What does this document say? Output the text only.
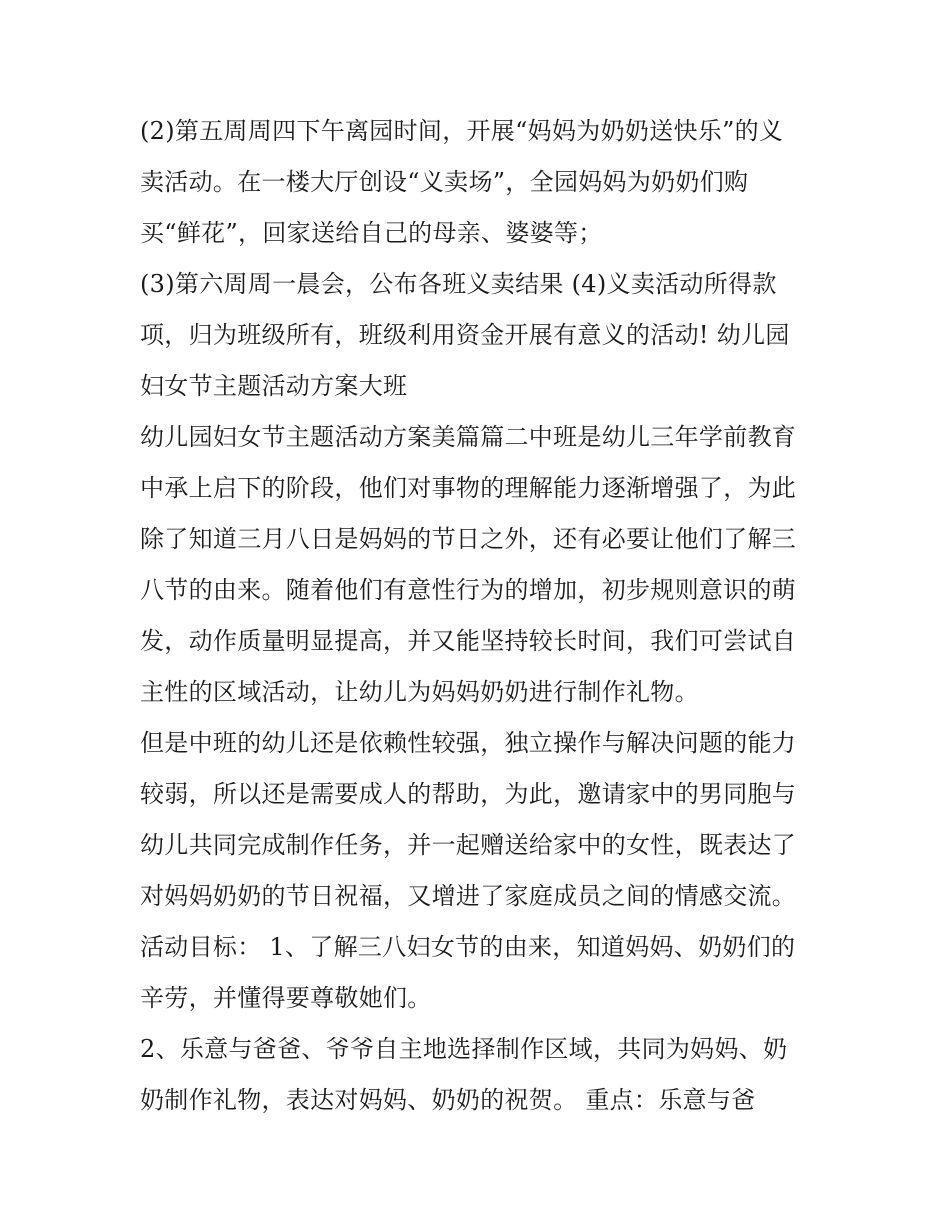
(2)第五周周四下午离园时间，开展“妈妈为奶奶送快乐”的义

卖活动。在一楼大厅创设“义卖场”，全园妈妈为奶奶们购

买“鲜花”，回家送给自己的母亲、婆婆等；

(3)第六周周一晨会，公布各班义卖结果 (4)义卖活动所得款

项，归为班级所有，班级利用资金开展有意义的活动! 幼儿园

妇女节主题活动方案大班

幼儿园妇女节主题活动方案美篇篇二中班是幼儿三年学前教育

中承上启下的阶段，他们对事物的理解能力逐渐增强了，为此

除了知道三月八日是妈妈的节日之外，还有必要让他们了解三

八节的由来。随着他们有意性行为的增加，初步规则意识的萌

发，动作质量明显提高，并又能坚持较长时间，我们可尝试自

主性的区域活动，让幼儿为妈妈奶奶进行制作礼物。

但是中班的幼儿还是依赖性较强，独立操作与解决问题的能力

较弱，所以还是需要成人的帮助，为此，邀请家中的男同胞与

幼儿共同完成制作任务，并一起赠送给家中的女性，既表达了

对妈妈奶奶的节日祝福，又增进了家庭成员之间的情感交流。

活动目标： 1、了解三八妇女节的由来，知道妈妈、奶奶们的

辛劳，并懂得要尊敬她们。

2、乐意与爸爸、爷爷自主地选择制作区域，共同为妈妈、奶

奶制作礼物，表达对妈妈、奶奶的祝贺。 重点：乐意与爸
